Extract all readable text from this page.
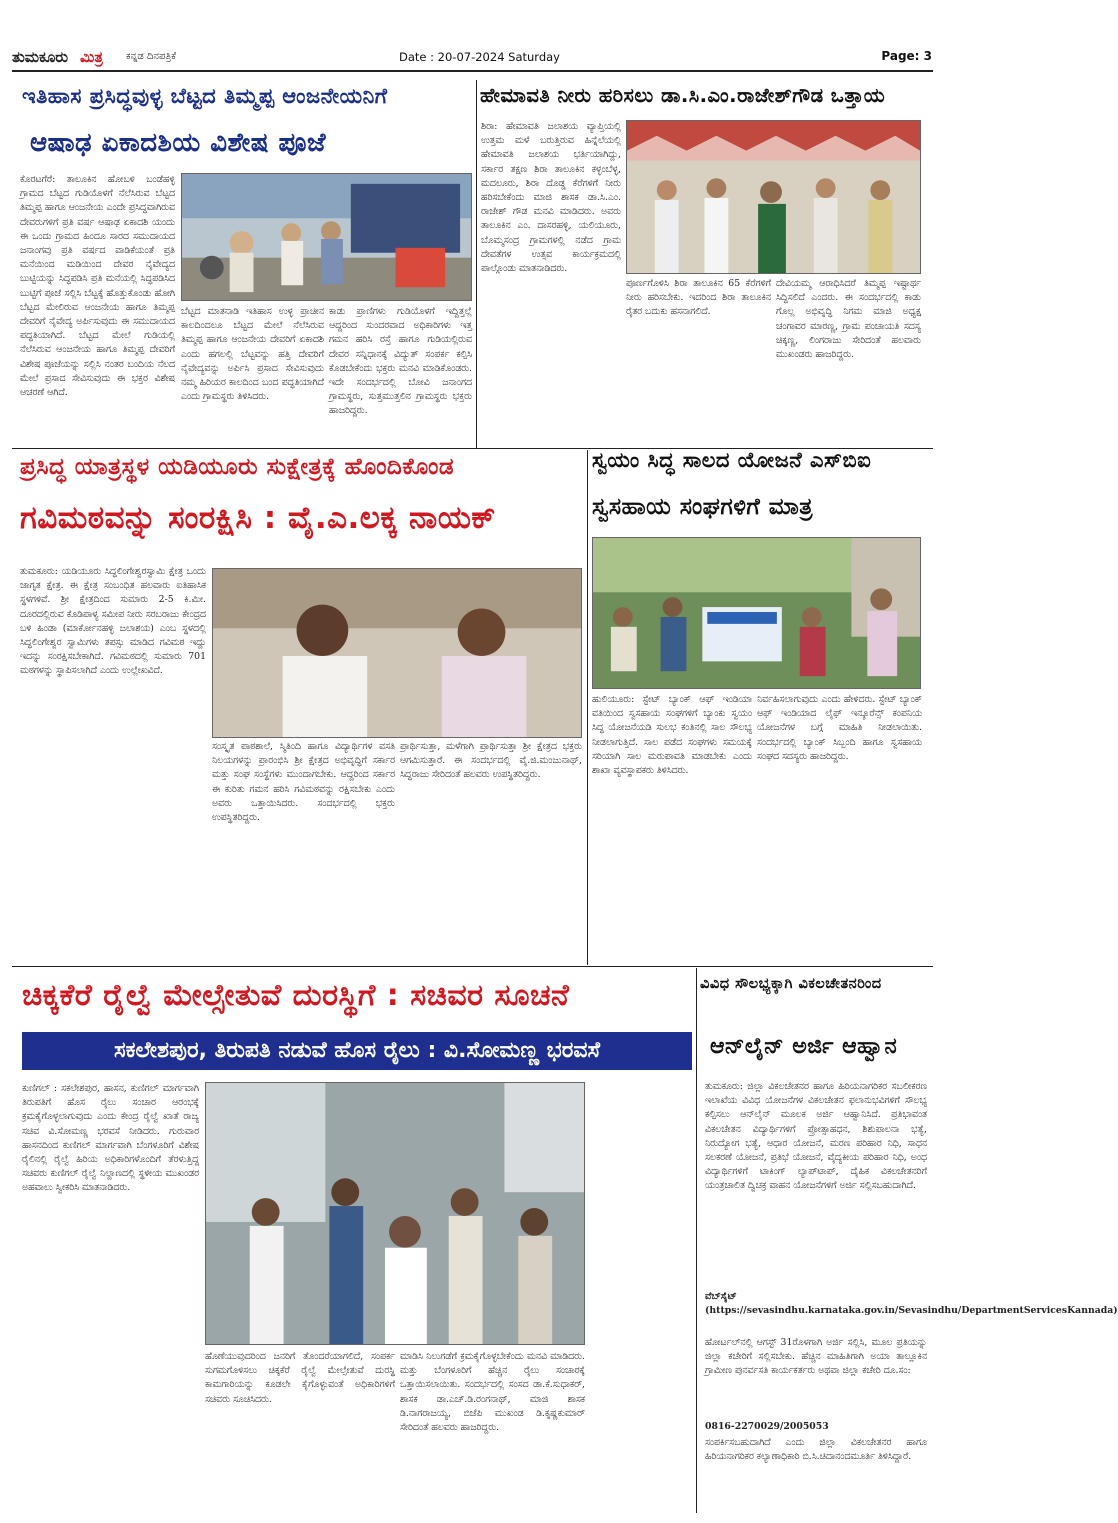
ತುಮಕೂರು ಮಿತ್ರ ಕನ್ನಡ ದಿನಪತ್ರಿಕೆ	Date : 20-07-2024 Saturday	Page: 3
ಇತಿಹಾಸ ಪ್ರಸಿದ್ಧವುಳ್ಳ ಬೆಟ್ಟದ ತಿಮ್ಮಪ್ಪ ಆಂಜನೇಯನಿಗೆ
ಆಷಾಢ ಏಕಾದಶಿಯ ವಿಶೇಷ ಪೂಜೆ
ಕೊರಟಗೆರೆ: ತಾಲೂಕಿನ ಹೋಬಳಿ ಬಂಡೆಹಳ್ಳಿ ಗ್ರಾಮದ ಬೆಟ್ಟದ ಗುಡಿಯೊಳಗೆ ನೆಲೆಸಿರುವ ಬೆಟ್ಟದ ತಿಮ್ಮಪ್ಪ ಹಾಗೂ ಆಂಜನೇಯ ಎಂದೇ ಪ್ರಸಿದ್ಧವಾಗಿರುವ ದೇವರುಗಳಿಗೆ ಪ್ರತಿ ವರ್ಷ ಆಷಾಢ ಏಕಾದಶಿ ಯಂದು ಈ ಒಂದು ಗ್ರಾಮದ ಹಿಂದೂ ಸಾರದ ಸಮುದಾಯದ ಜನಾಂಗವು ಪ್ರತಿ ವರ್ಷದ ವಾಡಿಕೆಯಂತೆ ಪ್ರತಿ ಮನೆಯಿಂದ ಮಡಿಯಿಂದ ದೇವರ ನೈವೇದ್ಯದ ಬುಟ್ಟಿಯನ್ನು ಸಿದ್ಧಪಡಿಸಿ ಪ್ರತಿ ಮನೆಯಲ್ಲಿ ಸಿದ್ಧಪಡಿಸಿದ ಬುಟ್ಟಿಗೆ ಪೂಜೆ ಸಲ್ಲಿಸಿ ಬೆಟ್ಟಕ್ಕೆ ಹೊತ್ತುಕೊಂಡು ಹೋಗಿ ಬೆಟ್ಟದ ಮೇಲಿರುವ ಆಂಜನೇಯ ಹಾಗೂ ತಿಮ್ಮಪ್ಪ ದೇವರಿಗೆ ನೈವೇದ್ಯ ಅರ್ಪಿಸುವುದು ಈ ಸಮುದಾಯದ ಪದ್ಧತಿಯಾಗಿದೆ. ಬೆಟ್ಟದ ಮೇಲೆ ಗುಡಿಯಲ್ಲಿ ನೆಲೆಸಿರುವ ಆಂಜನೇಯ ಹಾಗೂ ತಿಮ್ಮಪ್ಪ ದೇವರಿಗೆ ವಿಶೇಷ ಪೂಜೆಯನ್ನು ಸಲ್ಲಿಸಿ ನಂತರ ಬಂದಿಯ ನೆಲದ ಮೇಲೆ ಪ್ರಸಾದ ಸೇವಿಸುವುದು ಈ ಭಕ್ತರ ವಿಶೇಷ ಆಚರಣೆ ಆಗಿದೆ.
ಬೆಟ್ಟದ ಮಾತನಾಡಿ ಇತಿಹಾಸ ಉಳ್ಳ ಪ್ರಾಚೀನ ಕಾಲದಿಂದಲೂ ಬೆಟ್ಟದ ಮೇಲೆ ನೆಲೆಸಿರುವ ತಿಮ್ಮಪ್ಪ ಹಾಗೂ ಆಂಜನೇಯ ದೇವರಿಗೆ ಏಕಾದಶಿ ಎಂದು ಹಗಲಲ್ಲಿ ಬೆಟ್ಟವನ್ನು ಹತ್ತಿ ದೇವರಿಗೆ ನೈವೇದ್ಯವನ್ನು ಅರ್ಪಿಸಿ ಪ್ರಸಾದ ಸೇವಿಸುವುದು ನಮ್ಮ ಹಿರಿಯರ ಕಾಲದಿಂದ ಬಂದ ಪದ್ಧತಿಯಾಗಿದೆ ಎಂದು ಗ್ರಾಮಸ್ಥರು ತಿಳಿಸಿದರು.
ಕಾಡು ಪ್ರಾಣಿಗಳು ಗುಡಿಯೊಳಗೆ ಇದ್ದಿತ್ತಲ್ಲೆ ಆದ್ದರಿಂದ ಸುಂದರವಾದ ಅಧಿಕಾರಿಗಳು ಇತ್ತ ಗಮನ ಹರಿಸಿ ರಸ್ತೆ ಹಾಗೂ ಗುಡಿಯಲ್ಲಿರುವ ದೇವರ ಸನ್ನಿಧಾನಕ್ಕೆ ವಿದ್ಯುತ್ ಸಂಪರ್ಕ ಕಲ್ಪಿಸಿ ಕೊಡಬೇಕೆಂದು ಭಕ್ತರು ಮನವಿ ಮಾಡಿಕೊಂಡರು. ಇದೇ ಸಂದರ್ಭದಲ್ಲಿ ಬೋವಿ ಜನಾಂಗದ ಗ್ರಾಮಸ್ಥರು, ಸುತ್ತಮುತ್ತಲಿನ ಗ್ರಾಮಸ್ಥರು ಭಕ್ತರು ಹಾಜರಿದ್ದರು.
ಹೇಮಾವತಿ ನೀರು ಹರಿಸಲು ಡಾ.ಸಿ.ಎಂ.ರಾಜೇಶ್‌ಗೌಡ ಒತ್ತಾಯ
ಶಿರಾ: ಹೇಮಾವತಿ ಜಲಾಶಯ ವ್ಯಾಪ್ತಿಯಲ್ಲಿ ಉತ್ತಮ ಮಳೆ ಬರುತ್ತಿರುವ ಹಿನ್ನೆಲೆಯಲ್ಲಿ ಹೇಮಾವತಿ ಜಲಾಶಯ ಭರ್ತಿಯಾಗಿದ್ದು, ಸರ್ಕಾರ ತಕ್ಷಣ ಶಿರಾ ತಾಲೂಕಿನ ಕಳ್ಳಂಬೆಳ್ಳ, ಮದಲೂರು, ಶಿರಾ ದೊಡ್ಡ ಕೆರೆಗಳಿಗೆ ನೀರು ಹರಿಸಬೇಕೆಂದು ಮಾಜಿ ಶಾಸಕ ಡಾ.ಸಿ.ಎಂ. ರಾಜೇಶ್ ಗೌಡ ಮನವಿ ಮಾಡಿದರು. ಅವರು ತಾಲೂಕಿನ ಎಂ. ದಾಸರಹಳ್ಳಿ, ಯಲಿಯೂರು, ಬೊಮ್ಮಸಂದ್ರ ಗ್ರಾಮಗಳಲ್ಲಿ ನಡೆದ ಗ್ರಾಮ ದೇವತೆಗಳ ಉತ್ಸವ ಕಾರ್ಯಕ್ರಮದಲ್ಲಿ ಪಾಲ್ಗೊಂಡು ಮಾತನಾಡಿದರು.
ಪೂರ್ಣಗೊಳಿಸಿ ಶಿರಾ ತಾಲೂಕಿನ 65 ಕೆರೆಗಳಿಗೆ ನೀರು ಹರಿಸಬೇಕು. ಇದರಿಂದ ಶಿರಾ ತಾಲೂಕಿನ ರೈತರ ಬದುಕು ಹಸನಾಗಲಿದೆ.
ದೇವಿಯಮ್ಮ ಆರಾಧಿಸಿದರೆ ತಿಮ್ಮಪ್ಪ ಇಷ್ಟಾರ್ಥ ಸಿದ್ಧಿಸಲಿದೆ ಎಂದರು. ಈ ಸಂದರ್ಭದಲ್ಲಿ ಕಾಡು ಗೊಲ್ಲ ಅಭಿವೃದ್ಧಿ ನಿಗಮ ಮಾಜಿ ಅಧ್ಯಕ್ಷ ಚಂಗಾವರ ಮಾರಣ್ಣ, ಗ್ರಾಮ ಪಂಚಾಯತಿ ಸದಸ್ಯ ಚಿಕ್ಕಣ್ಣ, ಲಿಂಗರಾಜು ಸೇರಿದಂತೆ ಹಲವಾರು ಮುಖಂಡರು ಹಾಜರಿದ್ದರು.
ಪ್ರಸಿದ್ಧ ಯಾತ್ರಸ್ಥಳ ಯಡಿಯೂರು ಸುಕ್ಷೇತ್ರಕ್ಕೆ ಹೊಂದಿಕೊಂಡ
ಗವಿಮಠವನ್ನು ಸಂರಕ್ಷಿಸಿ : ವೈ.ಎ.ಲಕ್ಕ ನಾಯಕ್
ತುಮಕೂರು: ಯಡಿಯೂರು ಸಿದ್ಧಲಿಂಗೇಶ್ವರಸ್ವಾಮಿ ಕ್ಷೇತ್ರ ಒಂದು ಜಾಗೃತ ಕ್ಷೇತ್ರ. ಈ ಕ್ಷೇತ್ರ ಸಂಬಂಧಿತ ಹಲವಾರು ಐತಿಹಾಸಿಕ ಸ್ಥಳಗಳಿವೆ. ಶ್ರೀ ಕ್ಷೇತ್ರದಿಂದ ಸುಮಾರು 2-5 ಕಿ.ಮೀ. ದೂರದಲ್ಲಿರುವ ಕೊಡಿಪಾಳ್ಯ ಸಮೀಪ ನೀರು ಸರಬರಾಜು ಕೇಂದ್ರದ ಬಳಿ ಹಿಂಡಾ (ಮಾರ್ಕೋನಹಳ್ಳಿ ಜಲಾಶಯ) ಎಂಬ ಸ್ಥಳದಲ್ಲಿ ಸಿದ್ಧಲಿಂಗೇಶ್ವರ ಸ್ವಾಮಿಗಳು ತಪಸ್ಸು ಮಾಡಿದ ಗವಿಮಠ ಇದ್ದು ಇದನ್ನು ಸಂರಕ್ಷಿಸಬೇಕಾಗಿದೆ. ಗವಿಮಠದಲ್ಲಿ ಸುಮಾರು 701 ಮಠಗಳನ್ನು ಸ್ಥಾಪಿಸಲಾಗಿದೆ ಎಂದು ಉಲ್ಲೇಖವಿದೆ.
ಸಂಸ್ಕೃತ ಪಾಠಶಾಲೆ, ಸ್ಮಿತಿಂದಿ ಹಾಗೂ ವಿದ್ಯಾರ್ಥಿಗಳ ವಸತಿ ನಿಲಯಗಳನ್ನು ಪ್ರಾರಂಭಿಸಿ ಶ್ರೀ ಕ್ಷೇತ್ರದ ಅಭಿವೃದ್ಧಿಗೆ ಸರ್ಕಾರ ಮತ್ತು ಸಂಘ ಸಂಸ್ಥೆಗಳು ಮುಂದಾಗಬೇಕು. ಆದ್ದರಿಂದ ಸರ್ಕಾರ ಈ ಕುರಿತು ಗಮನ ಹರಿಸಿ ಗವಿಮಠವನ್ನು ರಕ್ಷಿಸಬೇಕು ಎಂದು ಅವರು ಒತ್ತಾಯಿಸಿದರು. ಸಂದರ್ಭದಲ್ಲಿ ಭಕ್ತರು ಉಪಸ್ಥಿತರಿದ್ದರು.
ಪ್ರಾರ್ಥಿಸುತ್ತಾ, ಮಳೆಗಾಗಿ ಪ್ರಾರ್ಥಿಸುತ್ತಾ ಶ್ರೀ ಕ್ಷೇತ್ರದ ಭಕ್ತರು ಆಗಮಿಸುತ್ತಾರೆ. ಈ ಸಂದರ್ಭದಲ್ಲಿ ವೈ.ಜಿ.ಮಂಜುನಾಥ್, ಸಿದ್ಧರಾಜು ಸೇರಿದಂತೆ ಹಲವರು ಉಪಸ್ಥಿತರಿದ್ದರು.
ಸ್ವಯಂ ಸಿದ್ಧ ಸಾಲದ ಯೋಜನೆ ಎಸ್‌ಬಿಐ
ಸ್ವಸಹಾಯ ಸಂಘಗಳಿಗೆ ಮಾತ್ರ
ಹುಲಿಯೂರು: ಸ್ಟೇಟ್ ಬ್ಯಾಂಕ್ ಆಫ್ ಇಂಡಿಯಾ ವತಿಯಿಂದ ಸ್ವಸಹಾಯ ಸಂಘಗಳಿಗೆ ಬ್ಯಾಂಕು ಸ್ವಯಂ ಸಿದ್ಧ ಯೋಜನೆಯಡಿ ಸುಲಭ ಕಂತಿನಲ್ಲಿ ಸಾಲ ಸೌಲಭ್ಯ ನೀಡಲಾಗುತ್ತಿದೆ. ಸಾಲ ಪಡೆದ ಸಂಘಗಳು ಸಮಯಕ್ಕೆ ಸರಿಯಾಗಿ ಸಾಲ ಮರುಪಾವತಿ ಮಾಡಬೇಕು ಎಂದು ಶಾಖಾ ವ್ಯವಸ್ಥಾಪಕರು ತಿಳಿಸಿದರು.
ನಿರ್ವಹಿಸಲಾಗುವುದು ಎಂದು ಹೇಳಿದರು. ಸ್ಟೇಟ್ ಬ್ಯಾಂಕ್ ಆಫ್ ಇಂಡಿಯಾದ ಲೈಫ್ ಇನ್ಶೂರೆನ್ಸ್ ಕಂಪನಿಯ ಯೋಜನೆಗಳ ಬಗ್ಗೆ ಮಾಹಿತಿ ನೀಡಲಾಯಿತು. ಸಂದರ್ಭದಲ್ಲಿ ಬ್ಯಾಂಕ್ ಸಿಬ್ಬಂದಿ ಹಾಗೂ ಸ್ವಸಹಾಯ ಸಂಘದ ಸದಸ್ಯರು ಹಾಜರಿದ್ದರು.
ಚಿಕ್ಕಕೆರೆ ರೈಲ್ವೆ ಮೇಲ್ಸೇತುವೆ ದುರಸ್ಥಿಗೆ : ಸಚಿವರ ಸೂಚನೆ
ಸಕಲೇಶಪುರ, ತಿರುಪತಿ ನಡುವೆ ಹೊಸ ರೈಲು : ವಿ.ಸೋಮಣ್ಣ ಭರವಸೆ
ಕುಣಿಗಲ್ : ಸಕಲೇಶಪುರ, ಹಾಸನ, ಕುಣಿಗಲ್ ಮಾರ್ಗವಾಗಿ ತಿರುಪತಿಗೆ ಹೊಸ ರೈಲು ಸಂಚಾರ ಆರಂಭಕ್ಕೆ ಕ್ರಮಕೈಗೊಳ್ಳಲಾಗುವುದು ಎಂದು ಕೇಂದ್ರ ರೈಲ್ವೆ ಖಾತೆ ರಾಜ್ಯ ಸಚಿವ ವಿ.ಸೋಮಣ್ಣ ಭರವಸೆ ನೀಡಿದರು. ಗುರುವಾರ ಹಾಸನದಿಂದ ಕುಣಿಗಲ್ ಮಾರ್ಗವಾಗಿ ಬೆಂಗಳೂರಿಗೆ ವಿಶೇಷ ರೈಲಿನಲ್ಲಿ ರೈಲ್ವೆ ಹಿರಿಯ ಅಧಿಕಾರಿಗಳೊಂದಿಗೆ ತೆರಳುತ್ತಿದ್ದ ಸಚಿವರು ಕುಣಿಗಲ್ ರೈಲ್ವೆ ನಿಲ್ದಾಣದಲ್ಲಿ ಸ್ಥಳೀಯ ಮುಖಂಡರ ಅಹವಾಲು ಸ್ವೀಕರಿಸಿ ಮಾತನಾಡಿದರು.
ಹೊಣೆಯುವುದರಿಂದ ಜನರಿಗೆ ತೊಂದರೆಯಾಗಲಿದೆ, ಸಂಪರ್ಕ ಸುಗಮಗೊಳಿಸಲು ಚಿಕ್ಕಕೆರೆ ರೈಲ್ವೆ ಮೇಲ್ಸೇತುವೆ ದುರಸ್ಥಿ ಕಾಮಗಾರಿಯನ್ನು ಕೂಡಲೇ ಕೈಗೊಳ್ಳುವಂತೆ ಅಧಿಕಾರಿಗಳಿಗೆ ಸಚಿವರು ಸೂಚಿಸಿದರು.
ಮಾಡಿಸಿ ನಿಲುಗಡೆಗೆ ಕ್ರಮಕೈಗೊಳ್ಳಬೇಕೆಂದು ಮನವಿ ಮಾಡಿದರು. ಮತ್ತು ಬೆಂಗಳೂರಿಗೆ ಹೆಚ್ಚಿನ ರೈಲು ಸಂಚಾರಕ್ಕೆ ಒತ್ತಾಯಿಸಲಾಯಿತು. ಸಂದರ್ಭದಲ್ಲಿ ಸಂಸದ ಡಾ.ಕೆ.ಸುಧಾಕರ್, ಶಾಸಕ ಡಾ.ಎಚ್.ಡಿ.ರಂಗನಾಥ್, ಮಾಜಿ ಶಾಸಕ ಡಿ.ನಾಗರಾಜಯ್ಯ, ಬಿಜೆಪಿ ಮುಖಂಡ ಡಿ.ಕೃಷ್ಣಕುಮಾರ್ ಸೇರಿದಂತೆ ಹಲವರು ಹಾಜರಿದ್ದರು.
ವಿವಿಧ ಸೌಲಭ್ಯಕ್ಕಾಗಿ ವಿಕಲಚೇತನರಿಂದ
ಆನ್‌ಲೈನ್ ಅರ್ಜಿ ಆಹ್ವಾನ
ತುಮಕೂರು: ಜಿಲ್ಲಾ ವಿಕಲಚೇತನರ ಹಾಗೂ ಹಿರಿಯನಾಗರಿಕರ ಸಬಲೀಕರಣ ಇಲಾಖೆಯ ವಿವಿಧ ಯೋಜನೆಗಳ ವಿಕಲಚೇತನ ಫಲಾನುಭವಿಗಳಿಗೆ ಸೌಲಭ್ಯ ಕಲ್ಪಿಸಲು ಆನ್‌ಲೈನ್ ಮೂಲಕ ಅರ್ಜಿ ಆಹ್ವಾನಿಸಿದೆ. ಪ್ರತಿಭಾವಂತ ವಿಕಲಚೇತನ ವಿದ್ಯಾರ್ಥಿಗಳಿಗೆ ಪ್ರೋತ್ಸಾಹಧನ, ಶಿಶುಪಾಲನಾ ಭತ್ಯೆ, ನಿರುದ್ಯೋಗ ಭತ್ಯೆ, ಆಧಾರ ಯೋಜನೆ, ಮರಣ ಪರಿಹಾರ ನಿಧಿ, ಸಾಧನ ಸಲಕರಣೆ ಯೋಜನೆ, ಪ್ರತಿಭೆ ಯೋಜನೆ, ವೈದ್ಯಕೀಯ ಪರಿಹಾರ ನಿಧಿ, ಅಂಧ ವಿದ್ಯಾರ್ಥಿಗಳಿಗೆ ಟಾಕಿಂಗ್ ಲ್ಯಾಪ್‌ಟಾಪ್, ದೈಹಿಕ ವಿಕಲಚೇತನರಿಗೆ ಯಂತ್ರಚಾಲಿತ ದ್ವಿಚಕ್ರ ವಾಹನ ಯೋಜನೆಗಳಿಗೆ ಅರ್ಜಿ ಸಲ್ಲಿಸಬಹುದಾಗಿದೆ.
ವೆಬ್‌ಸೈಟ್ (https://sevasindhu.karnataka.gov.in/Sevasindhu/DepartmentServicesKannada)
ಹೋರ್ಟಲ್‌ನಲ್ಲಿ ಆಗಸ್ಟ್ 31ರೊಳಗಾಗಿ ಅರ್ಜಿ ಸಲ್ಲಿಸಿ, ಮೂಲ ಪ್ರತಿಯನ್ನು ಜಿಲ್ಲಾ ಕಚೇರಿಗೆ ಸಲ್ಲಿಸಬೇಕು. ಹೆಚ್ಚಿನ ಮಾಹಿತಿಗಾಗಿ ಅಯಾ ತಾಲ್ಲೂಕಿನ ಗ್ರಾಮೀಣ ಪುನರ್ವಸತಿ ಕಾರ್ಯಕರ್ತರು ಅಥವಾ ಜಿಲ್ಲಾ ಕಚೇರಿ ದೂ.ಸಂ:
0816-2270029/2005053
ಸಂಪರ್ಕಿಸಬಹುದಾಗಿದೆ ಎಂದು ಜಿಲ್ಲಾ ವಿಕಲಚೇತನರ ಹಾಗೂ ಹಿರಿಯನಾಗರಿಕರ ಕಲ್ಯಾಣಾಧಿಕಾರಿ ಬಿ.ಸಿ.ಚಿದಾನಂದಮೂರ್ತಿ ತಿಳಿಸಿದ್ದಾರೆ.
